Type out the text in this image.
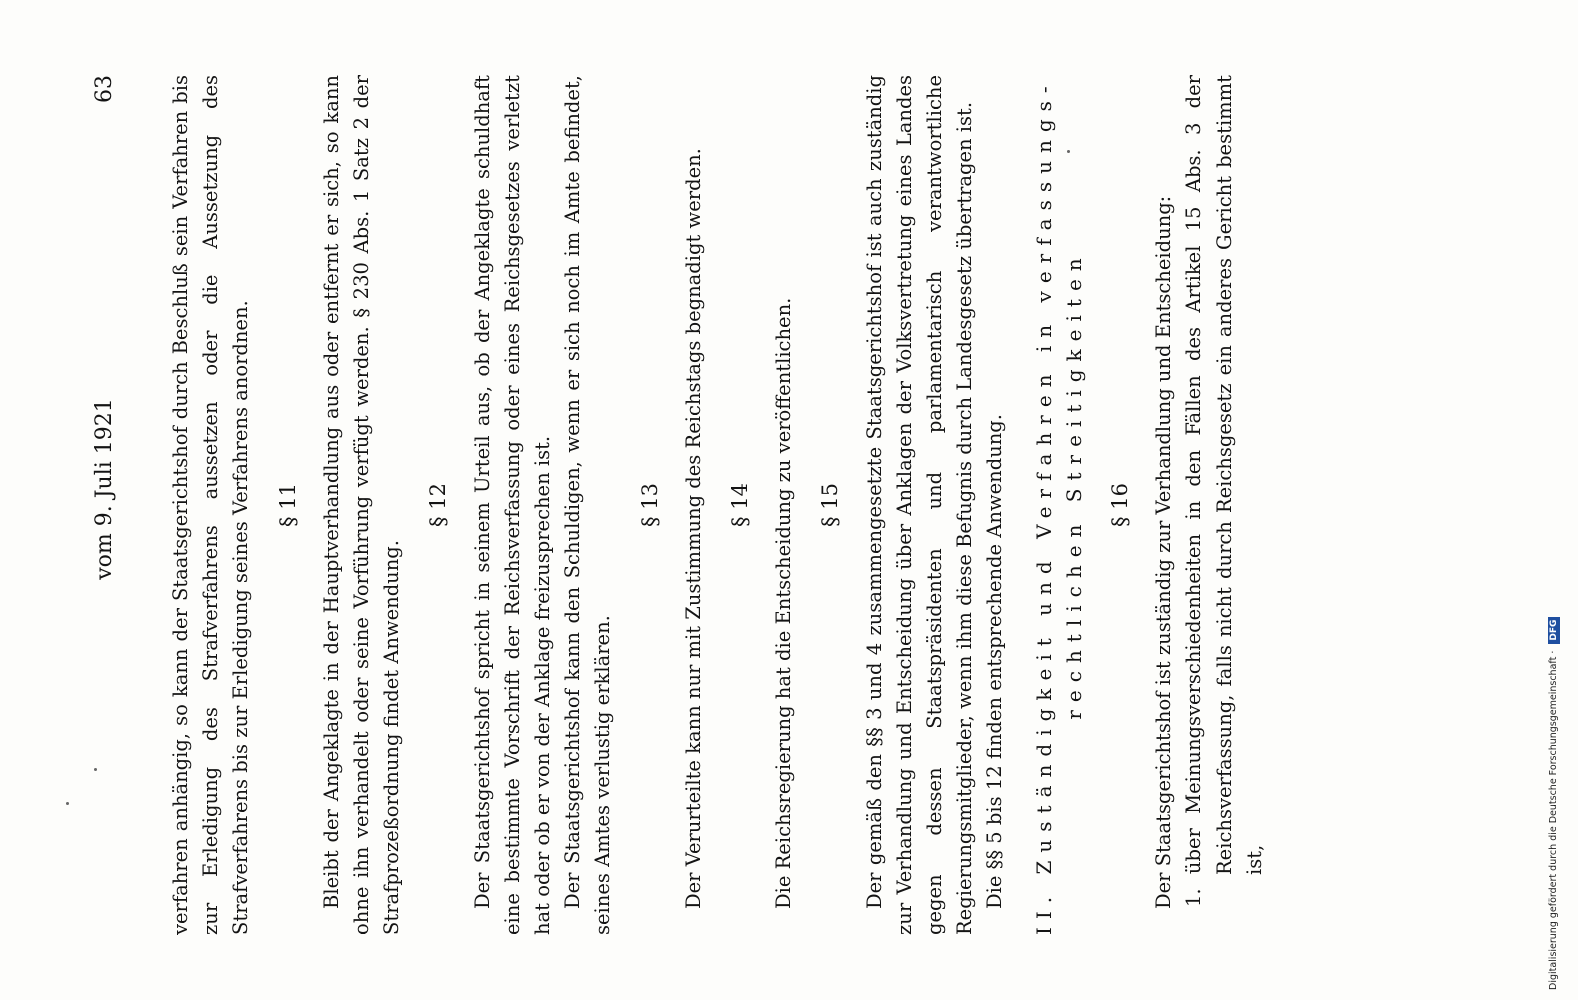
vom 9. Juli 1921
63	verfahren anhängig, so kann der Staatsgerichtshof durch Beschluß sein Verfahren bis zur Erledigung des Strafverfahrens aussetzen oder die Aussetzung des Strafverfahrens bis zur Erledigung seines Verfahrens anordnen. § 11 Bleibt der Angeklagte in der Hauptverhandlung aus oder entfernt er sich, so kann ohne ihn verhandelt oder seine Vorführung verfügt werden. § 230 Abs. 1 Satz 2 der Strafprozeßordnung findet Anwendung.

§ 12 Der Staatsgerichtshof spricht in seinem Urteil aus, ob der Angeklagte schuldhaft eine bestimmte Vorschrift der Reichsverfassung oder eines Reichsgesetzes verletzt hat oder ob er von der Anklage freizusprechen ist. Der Staatsgerichtshof kann den Schuldigen, wenn er sich noch im Amte befindet, seines Amtes verlustig erklären.

§ 13 Der Verurteilte kann nur mit Zustimmung des Reichstags begnadigt werden. § 14 Die Reichsregierung hat die Entscheidung zu veröffentlichen. § 15 Der gemäß den §§ 3 und 4 zusammengesetzte Staatsgerichtshof ist auch zuständig zur Verhandlung und Entscheidung über Anklagen der Volksvertretung eines Landes gegen dessen Staatspräsidenten und parlamentarisch verantwortliche Regierungsmitglieder, wenn ihm diese Befugnis durch Landesgesetz übertragen ist. Die §§ 5 bis 12 finden entsprechende Anwendung. II. Zuständigkeit und Verfahren in verfassungs- rechtlichen Streitigkeiten § 16 Der Staatsgerichtshof ist zuständig zur Verhandlung und Entscheidung: 1. über Meinungsverschiedenheiten in den Fällen des Artikel 15 Abs. 3 der Reichsverfassung, falls nicht durch Reichsgesetz ein anderes Gericht bestimmt ist,	Digitalisierung gefördert durch die Deutsche Forschungsgemeinschaft · DFG
